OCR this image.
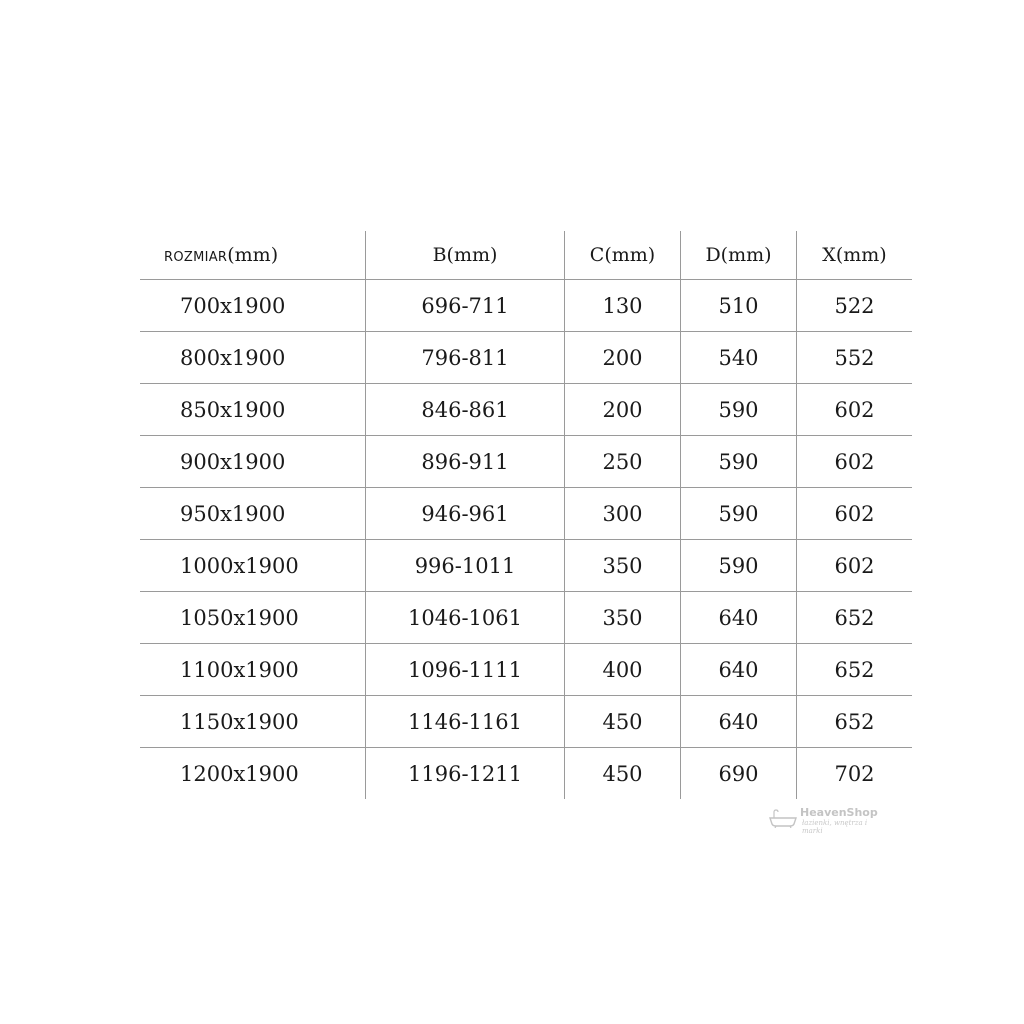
ROZMIAR(mm)	B(mm)	C(mm)	D(mm)	X(mm)
700x1900	696-711	130	510	522
800x1900	796-811	200	540	552
850x1900	846-861	200	590	602
900x1900	896-911	250	590	602
950x1900	946-961	300	590	602
1000x1900	996-1011	350	590	602
1050x1900	1046-1061	350	640	652
1100x1900	1096-1111	400	640	652
1150x1900	1146-1161	450	640	652
1200x1900	1196-1211	450	690	702
HeavenShop
łazienki, wnętrza i marki
